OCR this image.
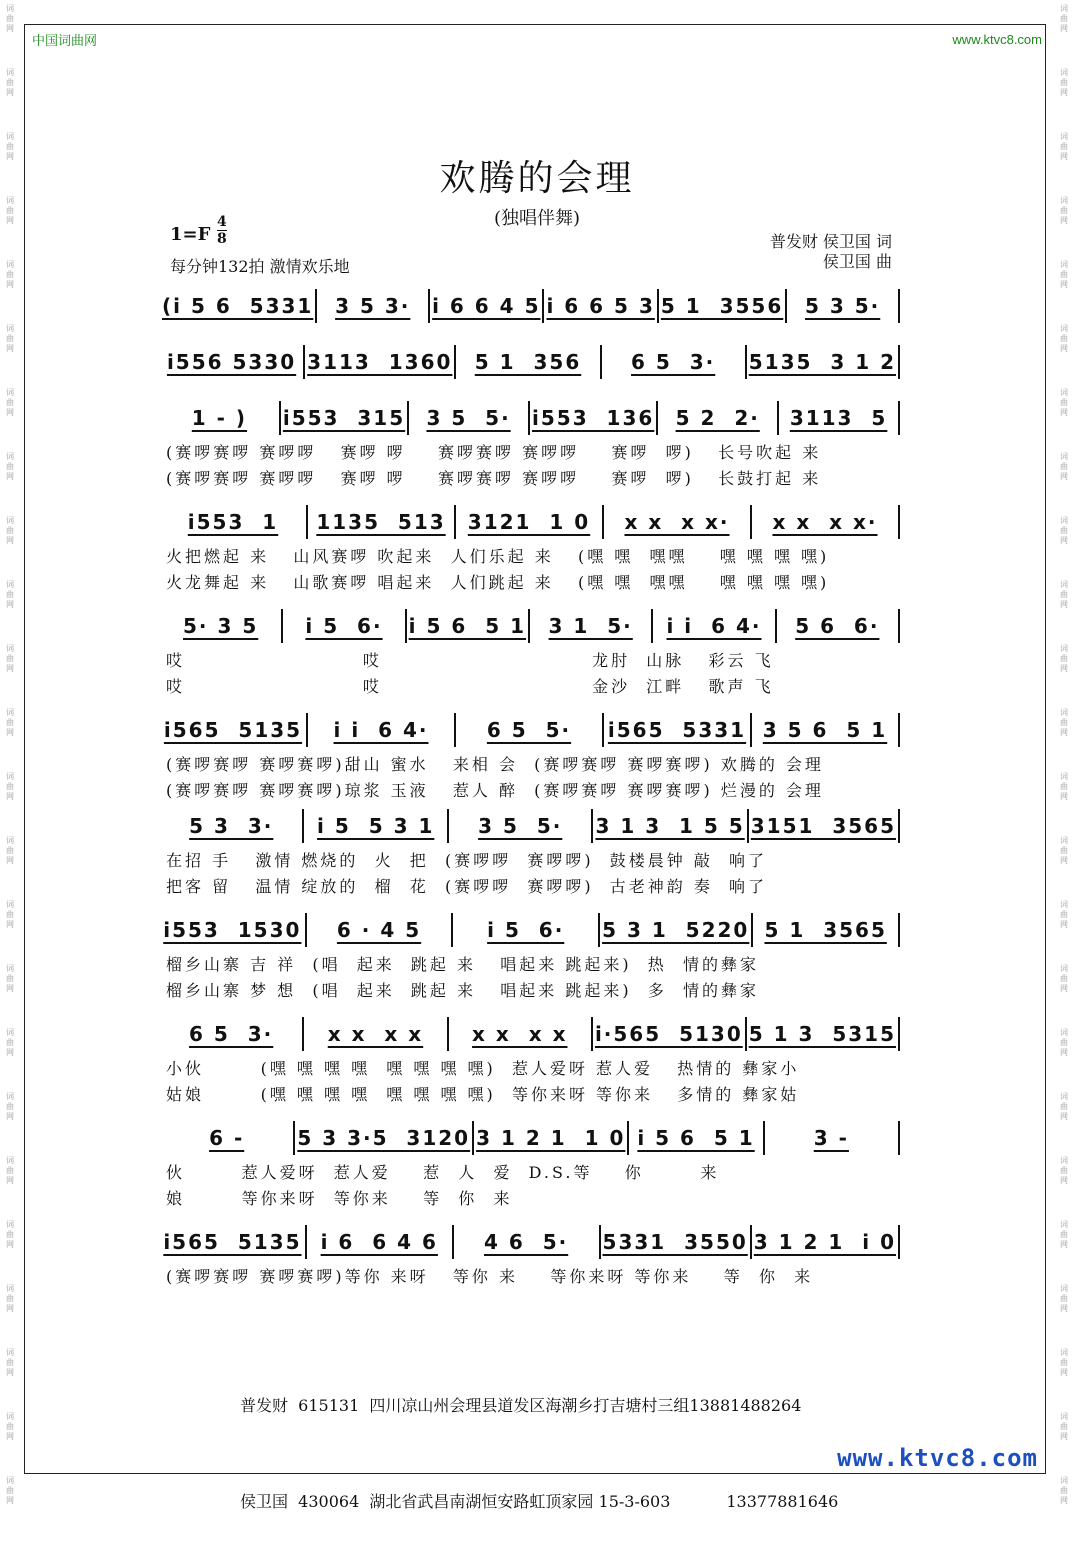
词
曲
网
词
曲
网
词
曲
网
词
曲
网
词
曲
网
词
曲
网
词
曲
网
词
曲
网
词
曲
网
词
曲
网
词
曲
网
词
曲
网
词
曲
网
词
曲
网
词
曲
网
词
曲
网
词
曲
网
词
曲
网
词
曲
网
词
曲
网
词
曲
网
词
曲
网
词
曲
网
词
曲
网
词
曲
网
词
曲
网
词
曲
网
词
曲
网
词
曲
网
词
曲
网
词
曲
网
词
曲
网
词
曲
网
词
曲
网
词
曲
网
词
曲
网
词
曲
网
词
曲
网
词
曲
网
词
曲
网
词
曲
网
词
曲
网
词
曲
网
词
曲
网
词
曲
网
词
曲
网
词
曲
网
词
曲
网
中国词曲网	www.ktvc8.com
欢腾的会理
(独唱伴舞)
$1=F \frac{4}{8}$
每分钟132拍 激情欢乐地
普发财 侯卫国 词
侯卫国 曲
(i 5 6  5331 3 5 3· i 6 6 4 5 i 6 6 5 3 5 1  3556 5 3 5·
i556 5330 3113  1360 5 1  356 6 5  3· 5135  3 1 2
1 - ) i553  315 3 5  5· i553  136 5 2  2· 3113  5
(赛啰赛啰 赛啰啰   赛啰 啰    赛啰赛啰 赛啰啰    赛啰  啰)   长号吹起 来
(赛啰赛啰 赛啰啰   赛啰 啰    赛啰赛啰 赛啰啰    赛啰  啰)   长鼓打起 来
i553  1 1135  513 3121  1 0 x x  x x· x x  x x·
火把燃起 来   山风赛啰 吹起来  人们乐起 来   (嘿 嘿  嘿嘿    嘿 嘿 嘿 嘿)
火龙舞起 来   山歌赛啰 唱起来  人们跳起 来   (嘿 嘿  嘿嘿    嘿 嘿 嘿 嘿)
5· 3 5 i 5  6· i 5 6  5 1 3 1  5· i i  6 4· 5 6  6·
哎                      哎                          龙肘  山脉   彩云 飞
哎                      哎                          金沙  江畔   歌声 飞
i565  5135 i i  6 4·	6 5  5· i565  5331 3 5 6  5 1
(赛啰赛啰 赛啰赛啰)甜山 蜜水   来相 会  (赛啰赛啰 赛啰赛啰) 欢腾的 会理
(赛啰赛啰 赛啰赛啰)琼浆 玉液   惹人 醉  (赛啰赛啰 赛啰赛啰) 烂漫的 会理
5 3  3· i 5  5 3 1 3 5  5· 3 1 3  1 5 5 3151  3565
在招 手   激情 燃烧的  火  把  (赛啰啰  赛啰啰)  鼓楼晨钟 敲  响了
把客 留   温情 绽放的  榴  花  (赛啰啰  赛啰啰)  古老神韵 奏  响了
i553  1530 6 · 4 5	i 5  6· 5 3 1  5220 5 1  3565
榴乡山寨 吉 祥  (唱  起来  跳起 来   唱起来 跳起来)  热  情的彝家
榴乡山寨 梦 想  (唱  起来  跳起 来   唱起来 跳起来)  多  情的彝家
6 5  3·	x x  x x x x  x x i·565  5130 5 1 3  5315
小伙       (嘿 嘿 嘿 嘿  嘿 嘿 嘿 嘿)  惹人爱呀 惹人爱   热情的 彝家小
姑娘       (嘿 嘿 嘿 嘿  嘿 嘿 嘿 嘿)  等你来呀 等你来   多情的 彝家姑
6 -	5 3 3·5  3120 3 1 2 1  1 0 i 5 6  5 1	3 -
伙       惹人爱呀  惹人爱    惹  人  爱  D.S.等    你       来
娘       等你来呀  等你来    等  你  来
i565  5135 i 6  6 4 6 4 6  5· 5331  3550 3 1 2 1  i 0
(赛啰赛啰 赛啰赛啰)等你 来呀   等你 来    等你来呀 等你来    等  你  来

普发财  615131  四川凉山州会理县道发区海潮乡打吉塘村三组13881488264

侯卫国  430064  湖北省武昌南湖恒安路虹顶家园 15-3-603           13377881646

www.ktvc8.com
